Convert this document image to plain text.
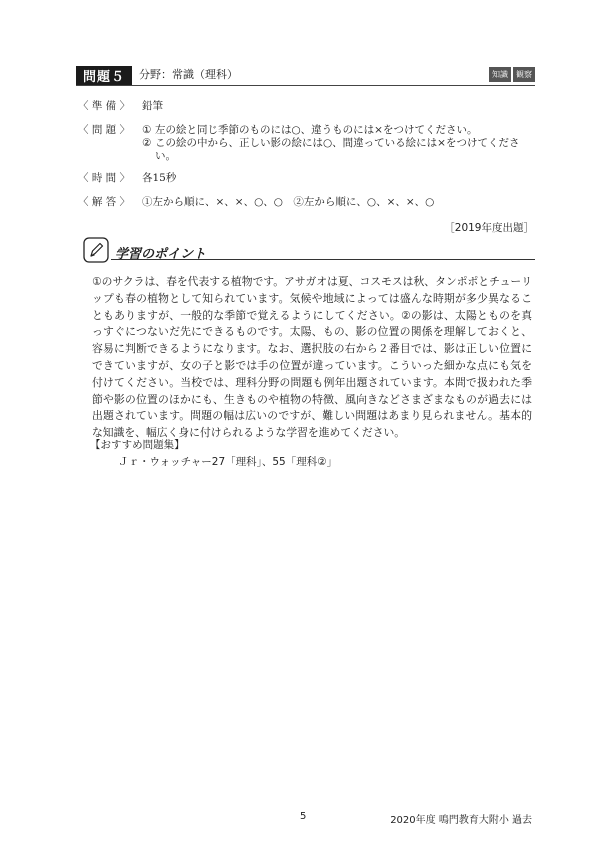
問題５	分野：常識（理科）	知識	観察
〈 準 備 〉	鉛筆
〈 問 題 〉	① 左の絵と同じ季節のものには○、違うものには×をつけてください。
② この絵の中から、正しい影の絵には○、間違っている絵には×をつけてください。
〈 時 間 〉	各15秒
〈 解 答 〉	①左から順に、×、×、○、○　②左から順に、○、×、×、○
［2019年度出題］
学習のポイント
①のサクラは、春を代表する植物です。アサガオは夏、コスモスは秋、タンポポとチューリップも春の植物として知られています。気候や地域によっては盛んな時期が多少異なることもありますが、一般的な季節で覚えるようにしてください。②の影は、太陽とものを真っすぐにつないだ先にできるものです。太陽、もの、影の位置の関係を理解しておくと、容易に判断できるようになります。なお、選択肢の右から２番目では、影は正しい位置にできていますが、女の子と影では手の位置が違っています。こういった細かな点にも気を付けてください。当校では、理科分野の問題も例年出題されています。本問で扱われた季節や影の位置のほかにも、生きものや植物の特徴、風向きなどさまざまなものが過去には出題されています。問題の幅は広いのですが、難しい問題はあまり見られません。基本的な知識を、幅広く身に付けられるような学習を進めてください。
【おすすめ問題集】
Ｊｒ・ウォッチャー27「理科」、55「理科②」
5	2020年度 鳴門教育大附小 過去
